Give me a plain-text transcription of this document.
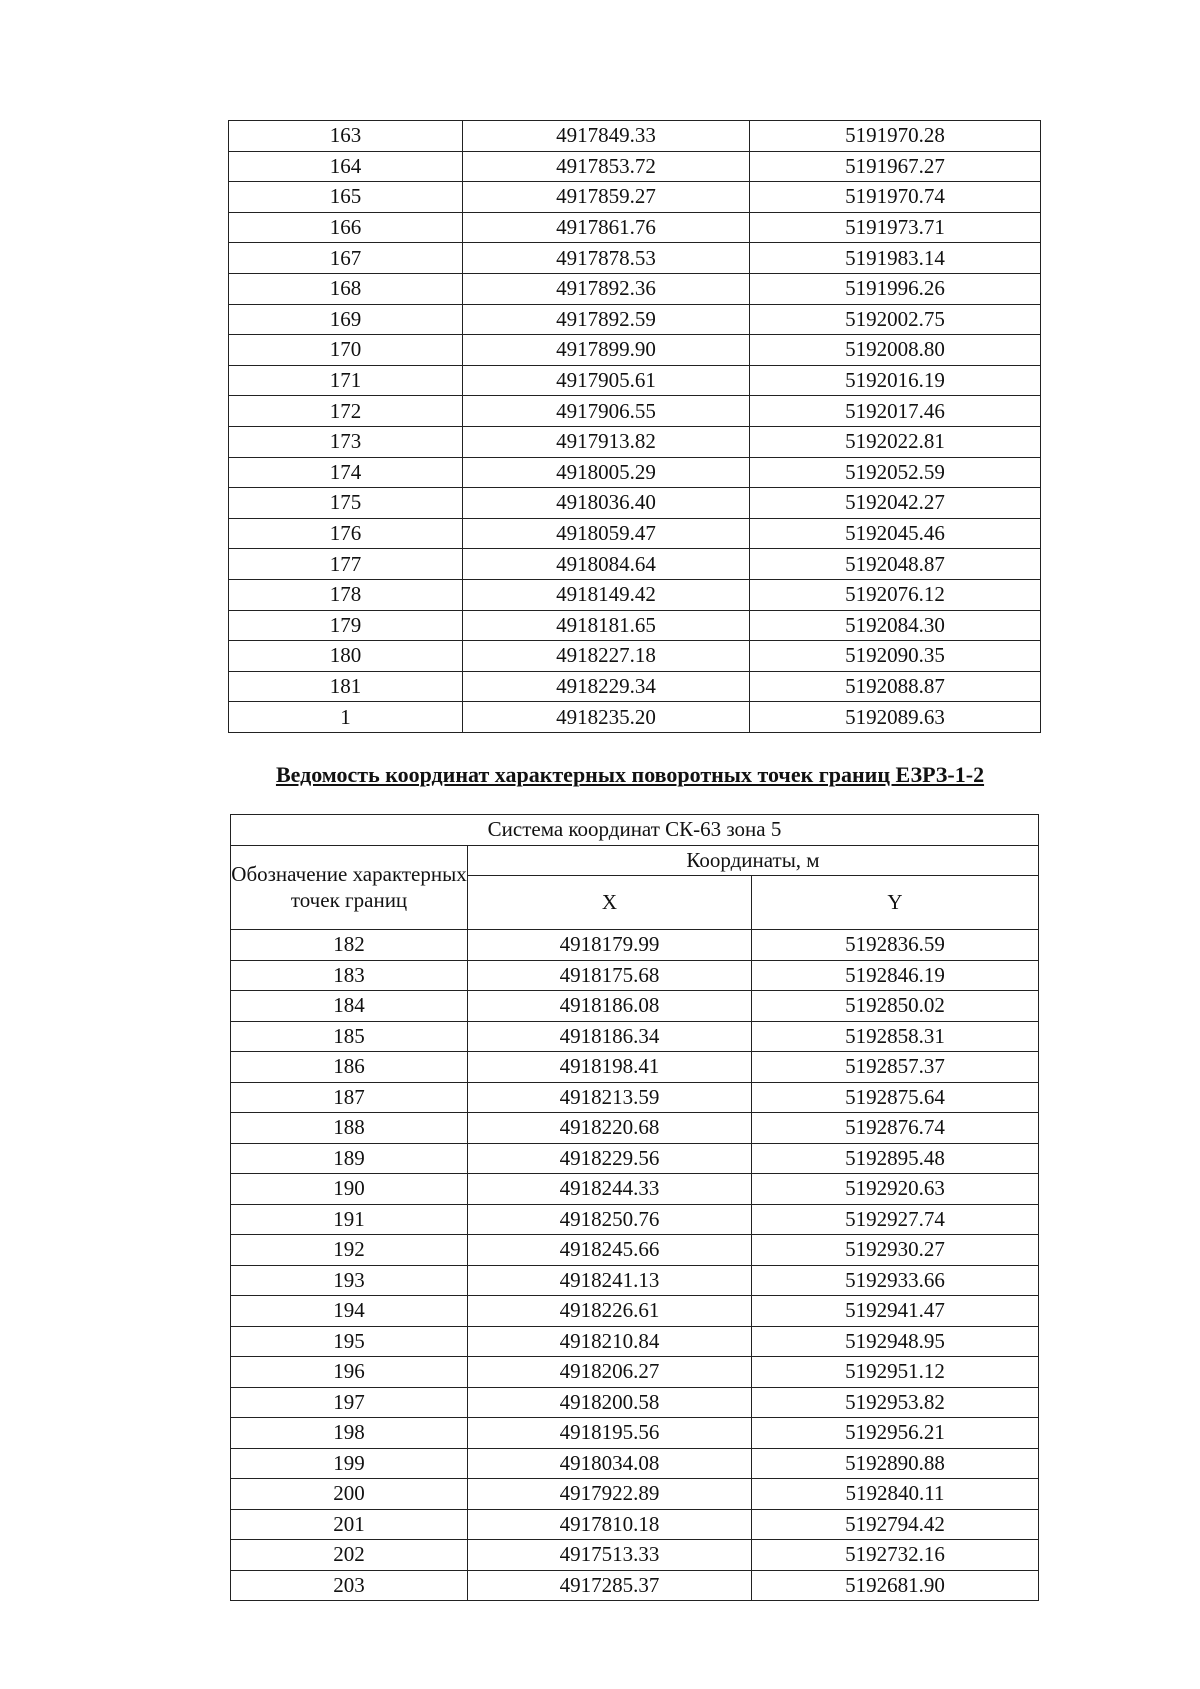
163	4917849.33	5191970.28
164	4917853.72	5191967.27
165	4917859.27	5191970.74
166	4917861.76	5191973.71
167	4917878.53	5191983.14
168	4917892.36	5191996.26
169	4917892.59	5192002.75
170	4917899.90	5192008.80
171	4917905.61	5192016.19
172	4917906.55	5192017.46
173	4917913.82	5192022.81
174	4918005.29	5192052.59
175	4918036.40	5192042.27
176	4918059.47	5192045.46
177	4918084.64	5192048.87
178	4918149.42	5192076.12
179	4918181.65	5192084.30
180	4918227.18	5192090.35
181	4918229.34	5192088.87
1	4918235.20	5192089.63
Ведомость координат характерных поворотных точек границ ЕЗРЗ-1-2
Система координат СК-63 зона 5		
Обозначение характерных точек границ	Координаты, м	
	X	Y
182	4918179.99	5192836.59
183	4918175.68	5192846.19
184	4918186.08	5192850.02
185	4918186.34	5192858.31
186	4918198.41	5192857.37
187	4918213.59	5192875.64
188	4918220.68	5192876.74
189	4918229.56	5192895.48
190	4918244.33	5192920.63
191	4918250.76	5192927.74
192	4918245.66	5192930.27
193	4918241.13	5192933.66
194	4918226.61	5192941.47
195	4918210.84	5192948.95
196	4918206.27	5192951.12
197	4918200.58	5192953.82
198	4918195.56	5192956.21
199	4918034.08	5192890.88
200	4917922.89	5192840.11
201	4917810.18	5192794.42
202	4917513.33	5192732.16
203	4917285.37	5192681.90
